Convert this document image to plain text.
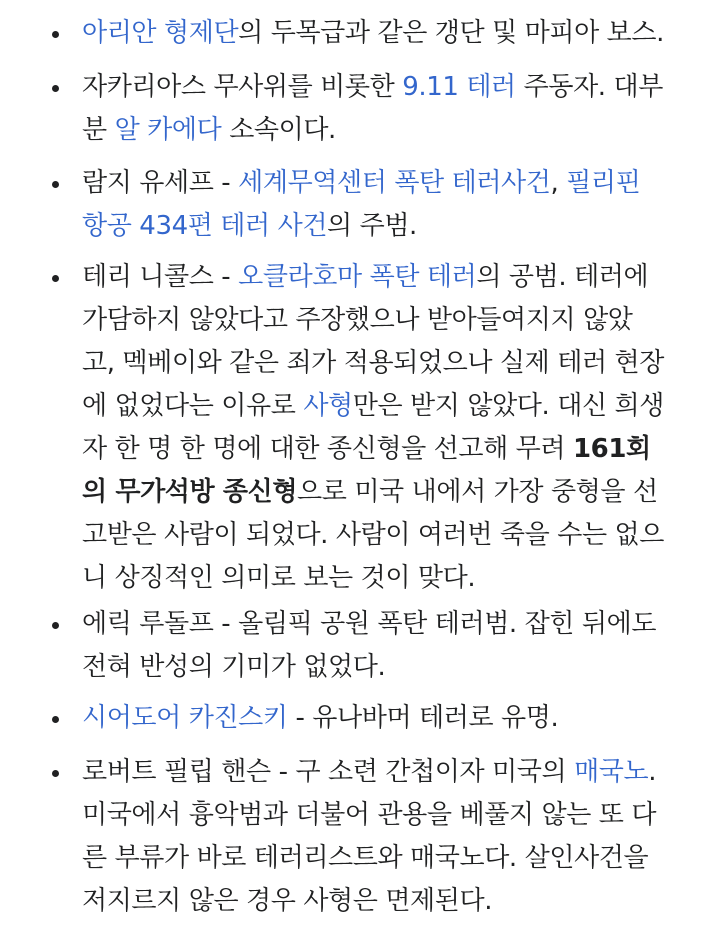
아리안 형제단의 두목급과 같은 갱단 및 마피아 보스.
자카리아스 무사위를 비롯한 9.11 테러 주동자. 대부
분 알 카에다 소속이다.
람지 유세프 - 세계무역센터 폭탄 테러사건, 필리핀
항공 434편 테러 사건의 주범.
테리 니콜스 - 오클라호마 폭탄 테러의 공범. 테러에
가담하지 않았다고 주장했으나 받아들여지지 않았
고, 멕베이와 같은 죄가 적용되었으나 실제 테러 현장
에 없었다는 이유로 사형만은 받지 않았다. 대신 희생
자 한 명 한 명에 대한 종신형을 선고해 무려 161회
의 무가석방 종신형으로 미국 내에서 가장 중형을 선
고받은 사람이 되었다. 사람이 여러번 죽을 수는 없으
니 상징적인 의미로 보는 것이 맞다.
에릭 루돌프 - 올림픽 공원 폭탄 테러범. 잡힌 뒤에도
전혀 반성의 기미가 없었다.
시어도어 카진스키 - 유나바머 테러로 유명.
로버트 필립 핸슨 - 구 소련 간첩이자 미국의 매국노.
미국에서 흉악범과 더불어 관용을 베풀지 않는 또 다
른 부류가 바로 테러리스트와 매국노다. 살인사건을
저지르지 않은 경우 사형은 면제된다.
